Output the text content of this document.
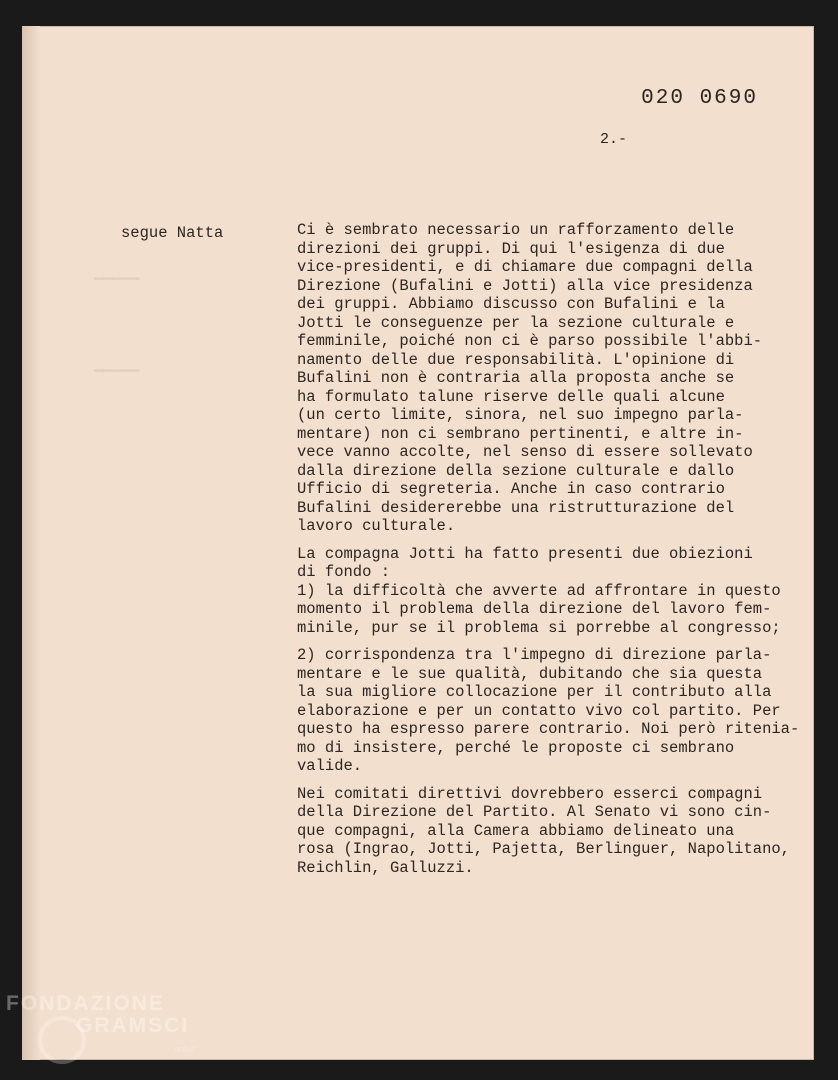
▁▁▁▁▁
▁▁▁▁▁
020 0690
2.-
segue Natta	Ci è sembrato necessario un rafforzamento delle
direzioni dei gruppi. Di qui l'esigenza di due
vice-presidenti, e di chiamare due compagni della
Direzione (Bufalini e Jotti) alla vice presidenza
dei gruppi. Abbiamo discusso con Bufalini e la
Jotti le conseguenze per la sezione culturale e
femminile, poiché non ci è parso possibile l'abbi-
namento delle due responsabilità. L'opinione di
Bufalini non è contraria alla proposta anche se
ha formulato talune riserve delle quali alcune
(un certo limite, sinora, nel suo impegno parla-
mentare) non ci sembrano pertinenti, e altre in-
vece vanno accolte, nel senso di essere sollevato
dalla direzione della sezione culturale e dallo
Ufficio di segreteria. Anche in caso contrario
Bufalini desidererebbe una ristrutturazione del
lavoro culturale.
La compagna Jotti ha fatto presenti due obiezioni
di fondo :
1) la difficoltà che avverte ad affrontare in questo
momento il problema della direzione del lavoro fem-
minile, pur se il problema si porrebbe al congresso;
2) corrispondenza tra l'impegno di direzione parla-
mentare e le sue qualità, dubitando che sia questa
la sua migliore collocazione per il contributo alla
elaborazione e per un contatto vivo col partito. Per
questo ha espresso parere contrario. Noi però ritenia-
mo di insistere, perché le proposte ci sembrano
valide.
Nei comitati direttivi dovrebbero esserci compagni
della Direzione del Partito. Al Senato vi sono cin-
que compagni, alla Camera abbiamo delineato una
rosa (Ingrao, Jotti, Pajetta, Berlinguer, Napolitano,
Reichlin, Galluzzi.
FONDAZIONE
GRAMSCI
onlus
